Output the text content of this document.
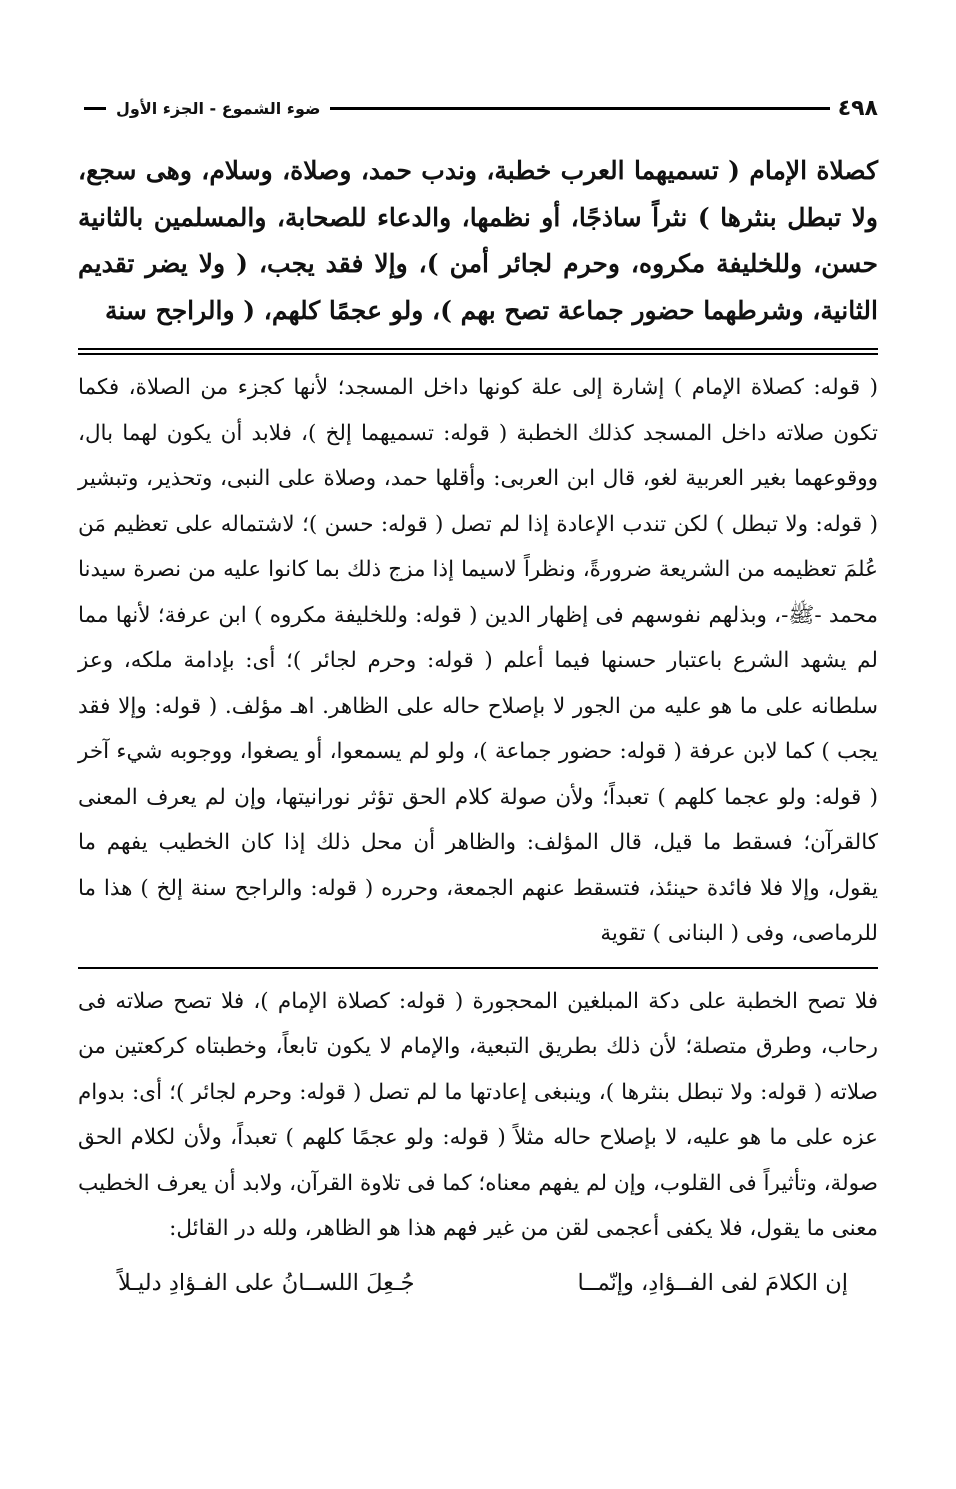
٤٩٨
ضوء الشموع - الجزء الأول
كصلاة الإمام ( تسميهما العرب خطبة، وندب حمد، وصلاة، وسلام، وهى سجع، ولا تبطل بنثرها ) نثراً ساذجًا، أو نظمها، والدعاء للصحابة، والمسلمين بالثانية حسن، وللخليفة مكروه، وحرم لجائر أمن )، وإلا فقد يجب، ( ولا يضر تقديم الثانية، وشرطهما حضور جماعة تصح بهم )، ولو عجمًا كلهم، ( والراجح سنة
( قوله: كصلاة الإمام ) إشارة إلى علة كونها داخل المسجد؛ لأنها كجزء من الصلاة، فكما تكون صلاته داخل المسجد كذلك الخطبة ( قوله: تسميهما إلخ )، فلابد أن يكون لهما بال، ووقوعهما بغير العربية لغو، قال ابن العربى: وأقلها حمد، وصلاة على النبى، وتحذير، وتبشير ( قوله: ولا تبطل ) لكن تندب الإعادة إذا لم تصل ( قوله: حسن )؛ لاشتماله على تعظيم مَن عُلمَ تعظيمه من الشريعة ضرورةً، ونظراً لاسيما إذا مزج ذلك بما كانوا عليه من نصرة سيدنا محمد -ﷺ-، وبذلهم نفوسهم فى إظهار الدين ( قوله: وللخليفة مكروه ) ابن عرفة؛ لأنها مما لم يشهد الشرع باعتبار حسنها فيما أعلم ( قوله: وحرم لجائر )؛ أى: بإدامة ملكه، وعز سلطانه على ما هو عليه من الجور لا بإصلاح حاله على الظاهر. اهـ مؤلف. ( قوله: وإلا فقد يجب ) كما لابن عرفة ( قوله: حضور جماعة )، ولو لم يسمعوا، أو يصغوا، ووجوبه شيء آخر ( قوله: ولو عجما كلهم ) تعبداً؛ ولأن صولة كلام الحق تؤثر نورانيتها، وإن لم يعرف المعنى كالقرآن؛ فسقط ما قيل، قال المؤلف: والظاهر أن محل ذلك إذا كان الخطيب يفهم ما يقول، وإلا فلا فائدة حينئذ، فتسقط عنهم الجمعة، وحرره ( قوله: والراجح سنة إلخ ) هذا ما للرماصى، وفى ( البنانى ) تقوية
فلا تصح الخطبة على دكة المبلغين المحجورة ( قوله: كصلاة الإمام )، فلا تصح صلاته فى رحاب، وطرق متصلة؛ لأن ذلك بطريق التبعية، والإمام لا يكون تابعاً، وخطبتاه كركعتين من صلاته ( قوله: ولا تبطل بنثرها )، وينبغى إعادتها ما لم تصل ( قوله: وحرم لجائر )؛ أى: بدوام عزه على ما هو عليه، لا بإصلاح حاله مثلاً ( قوله: ولو عجمًا كلهم ) تعبداً، ولأن لكلام الحق صولة، وتأثيراً فى القلوب، وإن لم يفهم معناه؛ كما فى تلاوة القرآن، ولابد أن يعرف الخطيب معنى ما يقول، فلا يكفى أعجمى لقن من غير فهم هذا هو الظاهر، ولله در القائل:
إن الكلامَ لفى الفــؤادِ، وإنّمــا
جُـعِلَ اللســانُ على الفـؤادِ دليـلاً
